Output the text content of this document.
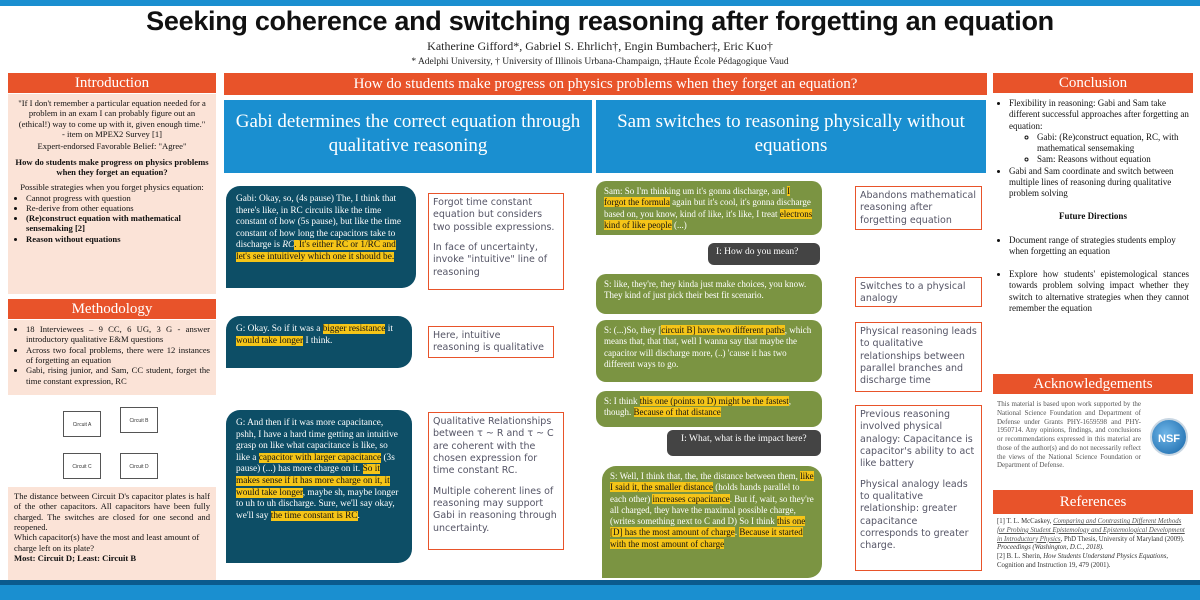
Seeking coherence and switching reasoning after forgetting an equation
Katherine Gifford*, Gabriel S. Ehrlich†, Engin Bumbacher‡, Eric Kuo†
* Adelphi University, † University of Illinois Urbana-Champaign, ‡Haute École Pédagogique Vaud
Introduction
"If I don't remember a particular equation needed for a problem in an exam I can probably figure out an (ethical!) way to come up with it, given enough time."
- item on MPEX2 Survey [1]
Expert-endorsed Favorable Belief: "Agree"
How do students make progress on physics problems when they forget an equation?
Possible strategies when you forget physics equation:
• Cannot progress with question
• Re-derive from other equations
• (Re)construct equation with mathematical sensemaking [2]
• Reason without equations
Methodology
• 18 Interviewees – 9 CC, 6 UG, 3 G - answer introductory qualitative E&M questions
• Across two focal problems, there were 12 instances of forgetting an equation
• Gabi, rising junior, and Sam, CC student, forget the time constant expression, RC
Circuit A
Circuit B
Circuit C	Circuit D
The distance between Circuit D's capacitor plates is half of the other capacitors. All capacitors have been fully charged. The switches are closed for one second and reopened.
Which capacitor(s) have the most and least amount of charge left on its plate?
Most: Circuit D; Least: Circuit B
How do students make progress on physics problems when they forget an equation?
Gabi determines the correct equation through qualitative reasoning
Gabi: Okay, so, (4s pause) The, I think that there's like, in RC circuits like the time constant of how (5s pause), but like the time constant of how long the capacitors take to discharge is RC. It's either RC or 1/RC and let's see intuitively which one it should be.
G: Okay. So if it was a bigger resistance it would take longer I think.
G: And then if it was more capacitance, pshh, I have a hard time getting an intuitive grasp on like what capacitance is like, so like a capacitor with larger capacitance (3s pause) (...) has more charge on it. So it makes sense if it has more charge on it, it would take longer, maybe sh, maybe longer to uh to uh discharge. Sure, we'll say okay, we'll say the time constant is RC.
Forgot time constant equation but considers two possible expressions.
In face of uncertainty, invoke "intuitive" line of reasoning
Here, intuitive reasoning is qualitative
Qualitative Relationships between τ ~ R and τ ~ C are coherent with the chosen expression for time constant RC.
Multiple coherent lines of reasoning may support Gabi in reasoning through uncertainty.
Sam switches to reasoning physically without equations
Sam: So I'm thinking um it's gonna discharge, and I forgot the formula again but it's cool, it's gonna discharge based on, you know, kind of like, it's like, I treat electrons kind of like people (...)
I: How do you mean?
S: like, they're, they kinda just make choices, you know. They kind of just pick their best fit scenario.
S: (...)So, they [circuit B] have two different paths, which means that, that that, well I wanna say that maybe the capacitor will discharge more, (..) 'cause it has two different ways to go.
S: I think this one (points to D) might be the fastest, though. Because of that distance
I: What, what is the impact here?
S: Well, I think that, the, the distance between them, like I said it, the smaller distance (holds hands parallel to each other) increases capacitance. But if, wait, so they're all charged, they have the maximal possible charge, (writes something next to C and D) So I think this one [D] has the most amount of charge. Because it started with the most amount of charge
Abandons mathematical reasoning after forgetting equation
Switches to a physical analogy
Physical reasoning leads to qualitative relationships between parallel branches and discharge time
Previous reasoning involved physical analogy: Capacitance is capacitor's ability to act like battery
Physical analogy leads to qualitative relationship: greater capacitance corresponds to greater charge.
Conclusion
• Flexibility in reasoning: Gabi and Sam take different successful approaches after forgetting an equation:
◦ Gabi: (Re)construct equation, RC, with mathematical sensemaking
◦ Sam: Reasons without equation
• Gabi and Sam coordinate and switch between multiple lines of reasoning during qualitative problem solving
Future Directions
• Document range of strategies students employ when forgetting an equation
• Explore how students' epistemological stances towards problem solving impact whether they switch to alternative strategies when they cannot remember the equation
Acknowledgements
This material is based upon work supported by the National Science Foundation and Department of Defense under Grants PHY-1659598 and PHY-1950714. Any opinions, findings, and conclusions or recommendations expressed in this material are those of the author(s) and do not necessarily reflect the views of the National Science Foundation or Department of Defense.
NSF
References
[1] T. L. McCaskey, Comparing and Contrasting Different Methods for Probing Student Epistemology and Epistemological Development in Introductory Physics, PhD Thesis, University of Maryland (2009).
Proceedings (Washington, D.C., 2018).
[2] B. L. Sherin, How Students Understand Physics Equations, Cognition and Instruction 19, 479 (2001).
